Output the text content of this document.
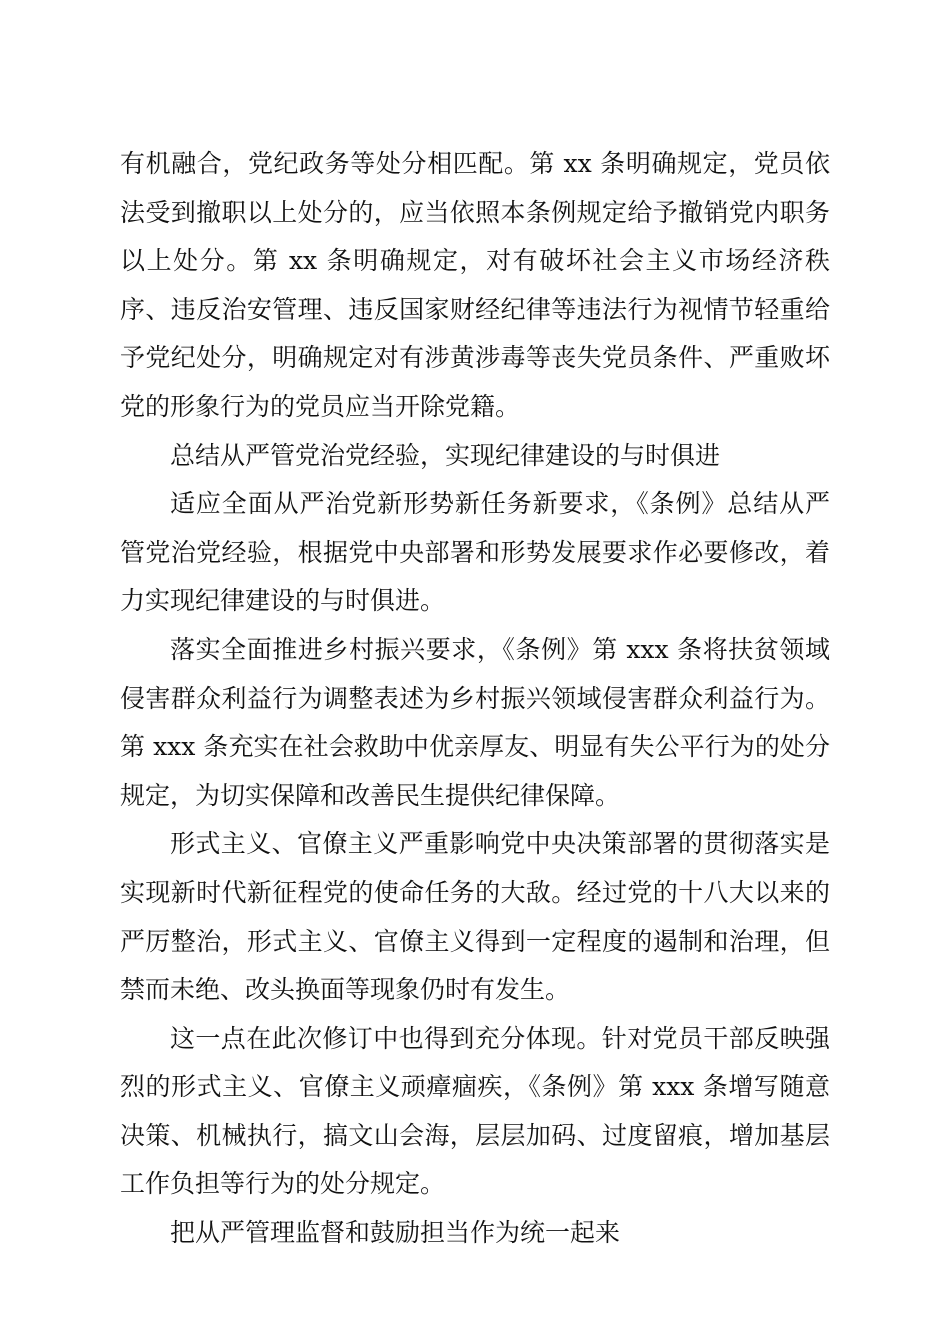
有机融合，党纪政务等处分相匹配。第 xx 条明确规定，党员依法受到撤职以上处分的，应当依照本条例规定给予撤销党内职务以上处分。第 xx 条明确规定，对有破坏社会主义市场经济秩序、违反治安管理、违反国家财经纪律等违法行为视情节轻重给予党纪处分，明确规定对有涉黄涉毒等丧失党员条件、严重败坏党的形象行为的党员应当开除党籍。

总结从严管党治党经验，实现纪律建设的与时俱进

适应全面从严治党新形势新任务新要求，《条例》总结从严管党治党经验，根据党中央部署和形势发展要求作必要修改，着力实现纪律建设的与时俱进。

落实全面推进乡村振兴要求，《条例》第 xxx 条将扶贫领域侵害群众利益行为调整表述为乡村振兴领域侵害群众利益行为。第 xxx 条充实在社会救助中优亲厚友、明显有失公平行为的处分规定，为切实保障和改善民生提供纪律保障。

形式主义、官僚主义严重影响党中央决策部署的贯彻落实是实现新时代新征程党的使命任务的大敌。经过党的十八大以来的严厉整治，形式主义、官僚主义得到一定程度的遏制和治理，但禁而未绝、改头换面等现象仍时有发生。

这一点在此次修订中也得到充分体现。针对党员干部反映强烈的形式主义、官僚主义顽瘴痼疾，《条例》第 xxx 条增写随意决策、机械执行，搞文山会海，层层加码、过度留痕，增加基层工作负担等行为的处分规定。

把从严管理监督和鼓励担当作为统一起来
